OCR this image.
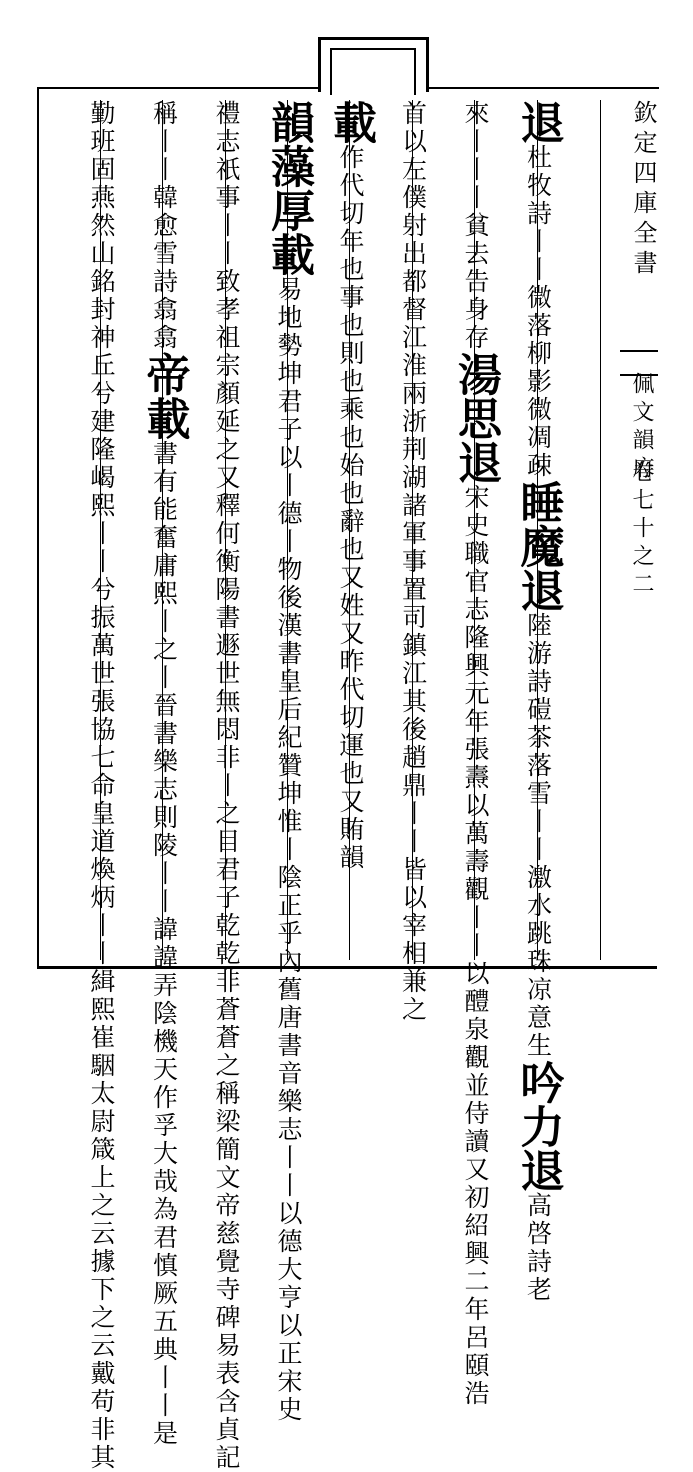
欽定四庫全書
佩文韻府
卷七十之二
退杜牧詩丨丨微落柳影微凋疎睡魔退陸游詩磑茶落雪丨丨激水跳珠凉意生吟力退高啓詩老
來丨丨丨貧去告身存湯思退宋史職官志隆興元年張燾以萬壽觀丨丨以醴泉觀並侍讀又初紹興二年呂頤浩
首以左僕射出都督江淮兩浙荆湖諸軍事置司鎮江其後趙鼎丨丨皆以宰相兼之
載作代切年也事也則也乘也始也辭也又姓又昨代切運也又賄韻
韻藻厚載易地勢坤君子以丨德丨物後漢書皇后紀贊坤惟丨陰正乎內舊唐書音樂志丨丨以德大亨以正宋史
禮志祇事丨丨致孝祖宗顏延之又釋何衡陽書遯世無悶非丨之目君子乾乾非蒼蒼之稱梁簡文帝慈覺寺碑易表含貞記
稱丨丨韓愈雪詩翕翕帝載書有能奮庸熙丨之丨晉書樂志則陵丨丨諱諱弄陰機天作孚大哉為君慎厥五典丨丨是
勤班固燕然山銘封神丘兮建隆嵑熙丨丨兮振萬世張協七命皇道煥炳丨丨緝熙崔駰太尉箴上之云據下之云戴苟非其
